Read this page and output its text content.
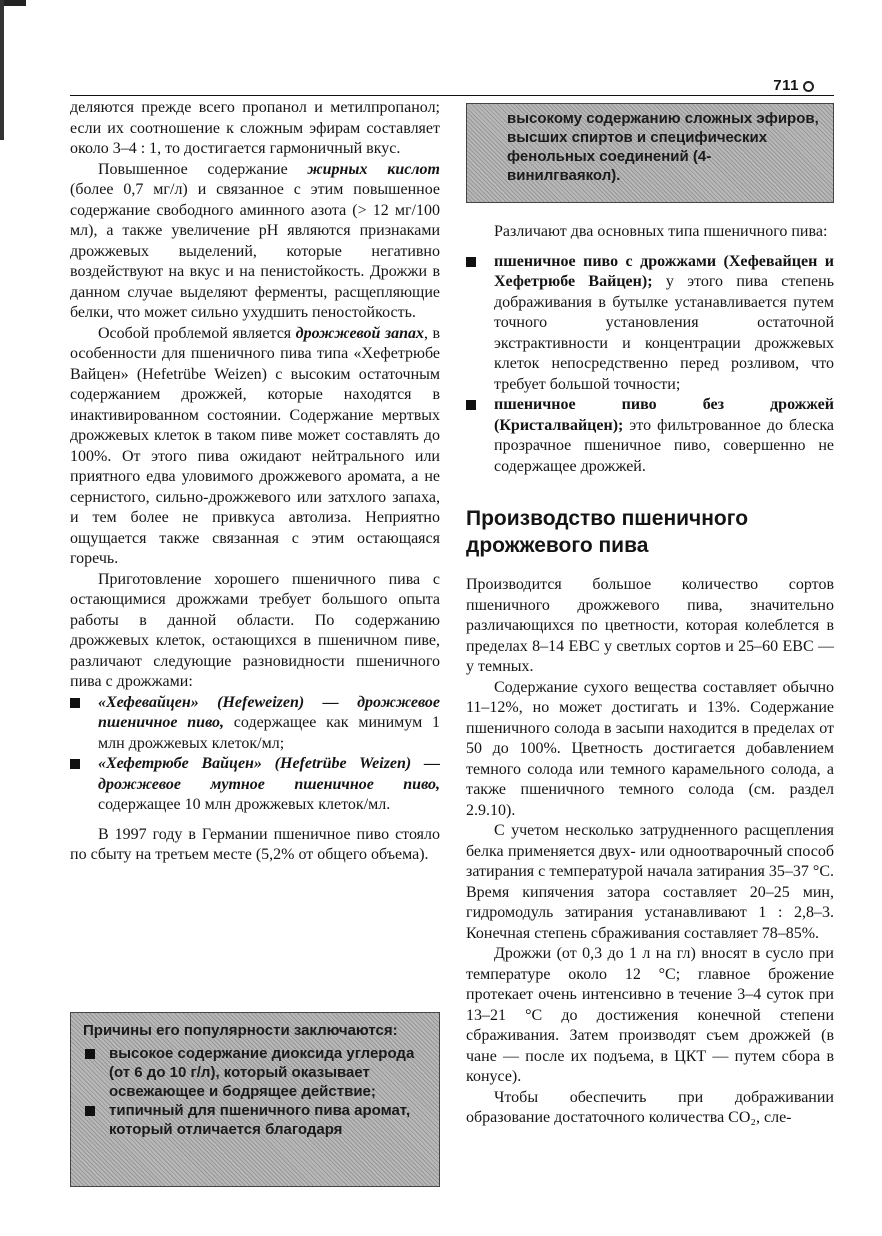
711

деляются прежде всего пропанол и метилпропанол; если их соотношение к сложным эфирам составляет около 3–4 : 1, то достигается гармоничный вкус.

Повышенное содержание жирных кислот (более 0,7 мг/л) и связанное с этим повышенное содержание свободного аминного азота (> 12 мг/100 мл), а также увеличение рН являются признаками дрожжевых выделений, которые негативно воздействуют на вкус и на пенистойкость. Дрожжи в данном случае выделяют ферменты, расщепляющие белки, что может сильно ухудшить пеностойкость.

Особой проблемой является дрожжевой запах, в особенности для пшеничного пива типа «Хефетрюбе Вайцен» (Hefetrübe Weizen) с высоким остаточным содержанием дрожжей, которые находятся в инактивированном состоянии. Содержание мертвых дрожжевых клеток в таком пиве может составлять до 100%. От этого пива ожидают нейтрального или приятного едва уловимого дрожжевого аромата, а не сернистого, сильно-дрожжевого или затхлого запаха, и тем более не привкуса автолиза. Неприятно ощущается также связанная с этим остающаяся горечь.

Приготовление хорошего пшеничного пива с остающимися дрожжами требует большого опыта работы в данной области. По содержанию дрожжевых клеток, остающихся в пшеничном пиве, различают следующие разновидности пшеничного пива с дрожжами:

«Хефевайцен» (Hefeweizen) — дрожжевое пшеничное пиво, содержащее как минимум 1 млн дрожжевых клеток/мл;
«Хефетрюбе Вайцен» (Hefetrübe Weizen) — дрожжевое мутное пшеничное пиво, содержащее 10 млн дрожжевых клеток/мл.

В 1997 году в Германии пшеничное пиво стояло по сбыту на третьем месте (5,2% от общего объема).

Причины его популярности заключаются:
высокое содержание диоксида углерода (от 6 до 10 г/л), который оказывает освежающее и бодрящее действие;
типичный для пшеничного пива аромат, который отличается благодаря
высокому содержанию сложных эфиров, высших спиртов и специфических фенольных соединений (4-винилгваякол).

Различают два основных типа пшеничного пива:

пшеничное пиво с дрожжами (Хефевайцен и Хефетрюбе Вайцен); у этого пива степень дображивания в бутылке устанавливается путем точного установления остаточной экстрактивности и концентрации дрожжевых клеток непосредственно перед розливом, что требует большой точности;
пшеничное пиво без дрожжей (Кристалвайцен); это фильтрованное до блеска прозрачное пшеничное пиво, совершенно не содержащее дрожжей.
Производство пшеничного дрожжевого пива

Производится большое количество сортов пшеничного дрожжевого пива, значительно различающихся по цветности, которая колеблется в пределах 8–14 ЕВС у светлых сортов и 25–60 ЕВС — у темных.

Содержание сухого вещества составляет обычно 11–12%, но может достигать и 13%. Содержание пшеничного солода в засыпи находится в пределах от 50 до 100%. Цветность достигается добавлением темного солода или темного карамельного солода, а также пшеничного темного солода (см. раздел 2.9.10).

С учетом несколько затрудненного расщепления белка применяется двух- или одноотварочный способ затирания с температурой начала затирания 35–37 °С. Время кипячения затора составляет 20–25 мин, гидромодуль затирания устанавливают 1 : 2,8–3. Конечная степень сбраживания составляет 78–85%.

Дрожжи (от 0,3 до 1 л на гл) вносят в сусло при температуре около 12 °С; главное брожение протекает очень интенсивно в течение 3–4 суток при 13–21 °С до достижения конечной степени сбраживания. Затем производят съем дрожжей (в чане — после их подъема, в ЦКТ — путем сбора в конусе).

Чтобы обеспечить при дображивании образование достаточного количества CO₂, сле-
